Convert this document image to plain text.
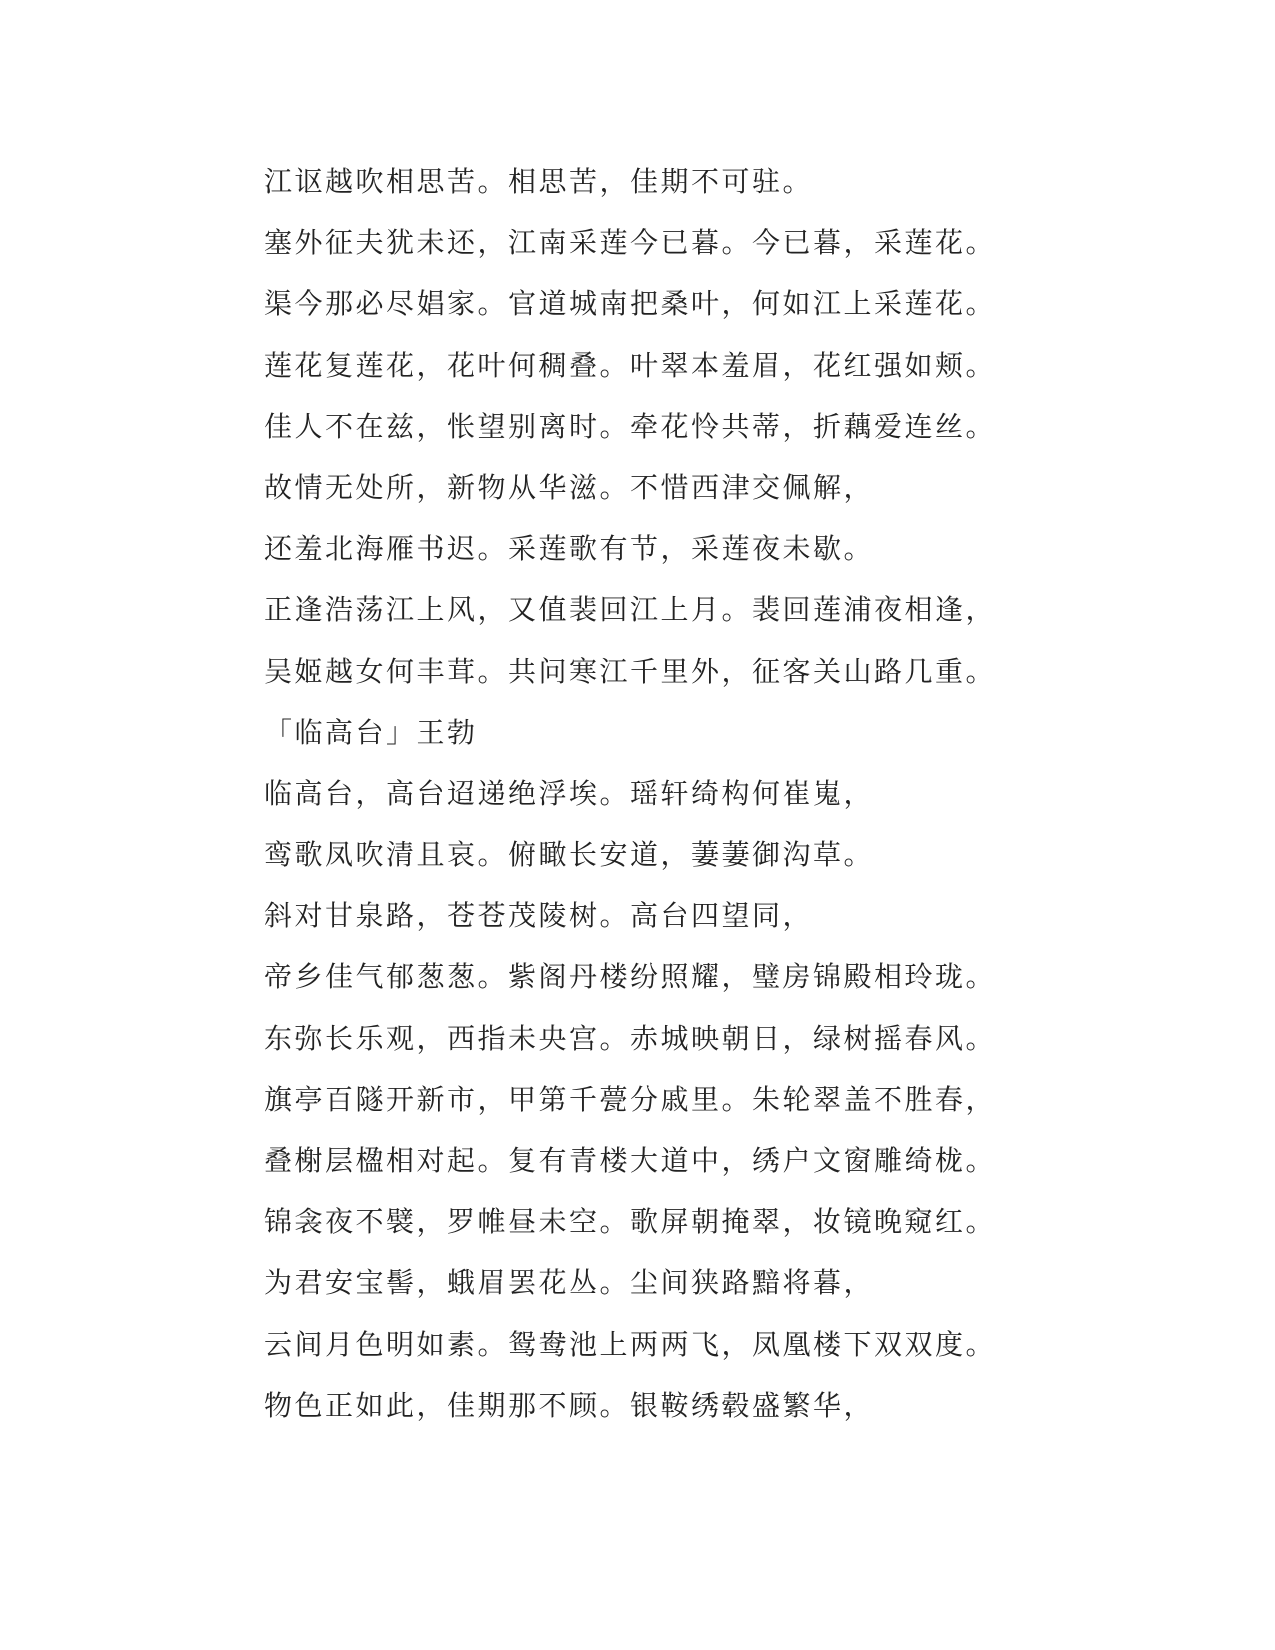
江讴越吹相思苦。相思苦，佳期不可驻。
塞外征夫犹未还，江南采莲今已暮。今已暮，采莲花。
渠今那必尽娼家。官道城南把桑叶，何如江上采莲花。
莲花复莲花，花叶何稠叠。叶翠本羞眉，花红强如颊。
佳人不在兹，怅望别离时。牵花怜共蒂，折藕爱连丝。
故情无处所，新物从华滋。不惜西津交佩解，
还羞北海雁书迟。采莲歌有节，采莲夜未歇。
正逢浩荡江上风，又值裴回江上月。裴回莲浦夜相逢，
吴姬越女何丰茸。共问寒江千里外，征客关山路几重。
「临高台」王勃
临高台，高台迢递绝浮埃。瑶轩绮构何崔嵬，
鸾歌凤吹清且哀。俯瞰长安道，萋萋御沟草。
斜对甘泉路，苍苍茂陵树。高台四望同，
帝乡佳气郁葱葱。紫阁丹楼纷照耀，璧房锦殿相玲珑。
东弥长乐观，西指未央宫。赤城映朝日，绿树摇春风。
旗亭百隧开新市，甲第千甍分戚里。朱轮翠盖不胜春，
叠榭层楹相对起。复有青楼大道中，绣户文窗雕绮栊。
锦衾夜不襞，罗帷昼未空。歌屏朝掩翠，妆镜晚窥红。
为君安宝髻，蛾眉罢花丛。尘间狭路黯将暮，
云间月色明如素。鸳鸯池上两两飞，凤凰楼下双双度。
物色正如此，佳期那不顾。银鞍绣毂盛繁华，
